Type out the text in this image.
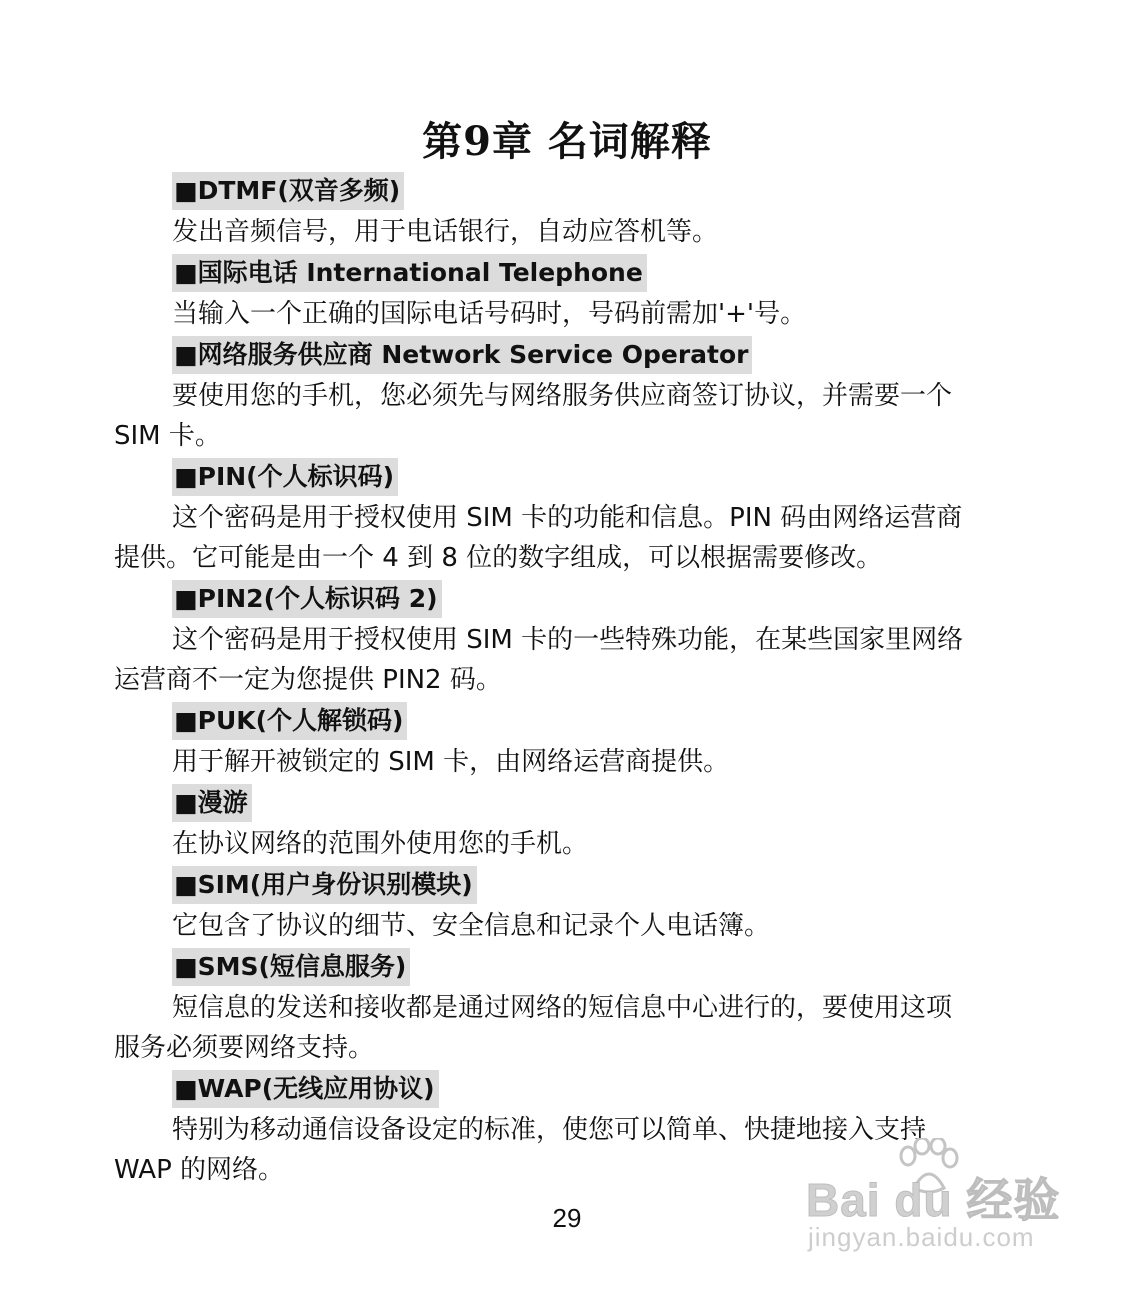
第9章 名词解释
■DTMF(双音多频)

发出音频信号，用于电话银行，自动应答机等。

■国际电话 International Telephone

当输入一个正确的国际电话号码时，号码前需加'+'号。

■网络服务供应商 Network Service Operator

要使用您的手机，您必须先与网络服务供应商签订协议，并需要一个
SIM 卡。

■PIN(个人标识码)

这个密码是用于授权使用 SIM 卡的功能和信息。PIN 码由网络运营商
提供。它可能是由一个 4 到 8 位的数字组成，可以根据需要修改。

■PIN2(个人标识码 2)

这个密码是用于授权使用 SIM 卡的一些特殊功能，在某些国家里网络
运营商不一定为您提供 PIN2 码。

■PUK(个人解锁码)

用于解开被锁定的 SIM 卡，由网络运营商提供。

■漫游

在协议网络的范围外使用您的手机。

■SIM(用户身份识别模块)

它包含了协议的细节、安全信息和记录个人电话簿。

■SMS(短信息服务)

短信息的发送和接收都是通过网络的短信息中心进行的，要使用这项
服务必须要网络支持。

■WAP(无线应用协议)

特别为移动通信设备设定的标准，使您可以简单、快捷地接入支持
WAP 的网络。

29	Bai du 经验
jingyan.baidu.com
